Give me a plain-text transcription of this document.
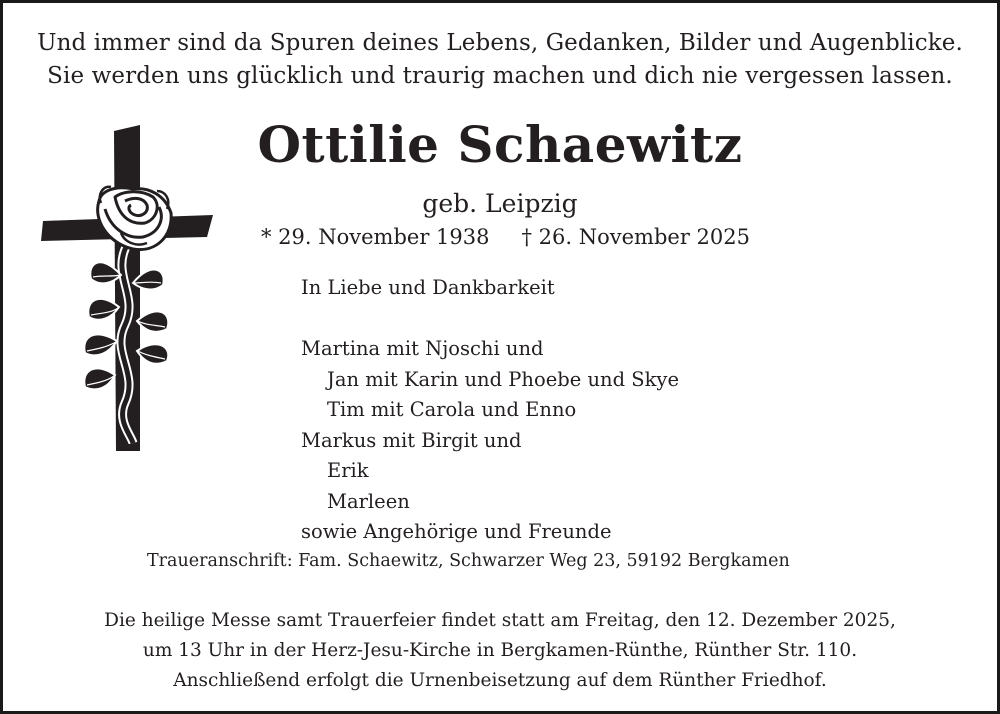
Und immer sind da Spuren deines Lebens, Gedanken, Bilder und Augenblicke.
Sie werden uns glücklich und traurig machen und dich nie vergessen lassen.
Ottilie Schaewitz
geb. Leipzig
* 29. November 1938 † 26. November 2025
In Liebe und Dankbarkeit
Martina mit Njoschi und
Jan mit Karin und Phoebe und Skye
Tim mit Carola und Enno
Markus mit Birgit und
Erik
Marleen
sowie Angehörige und Freunde
Traueranschrift: Fam. Schaewitz, Schwarzer Weg 23, 59192 Bergkamen
Die heilige Messe samt Trauerfeier findet statt am Freitag, den 12. Dezember 2025,
um 13 Uhr in der Herz-Jesu-Kirche in Bergkamen-Rünthe, Rünther Str. 110.
Anschließend erfolgt die Urnenbeisetzung auf dem Rünther Friedhof.
